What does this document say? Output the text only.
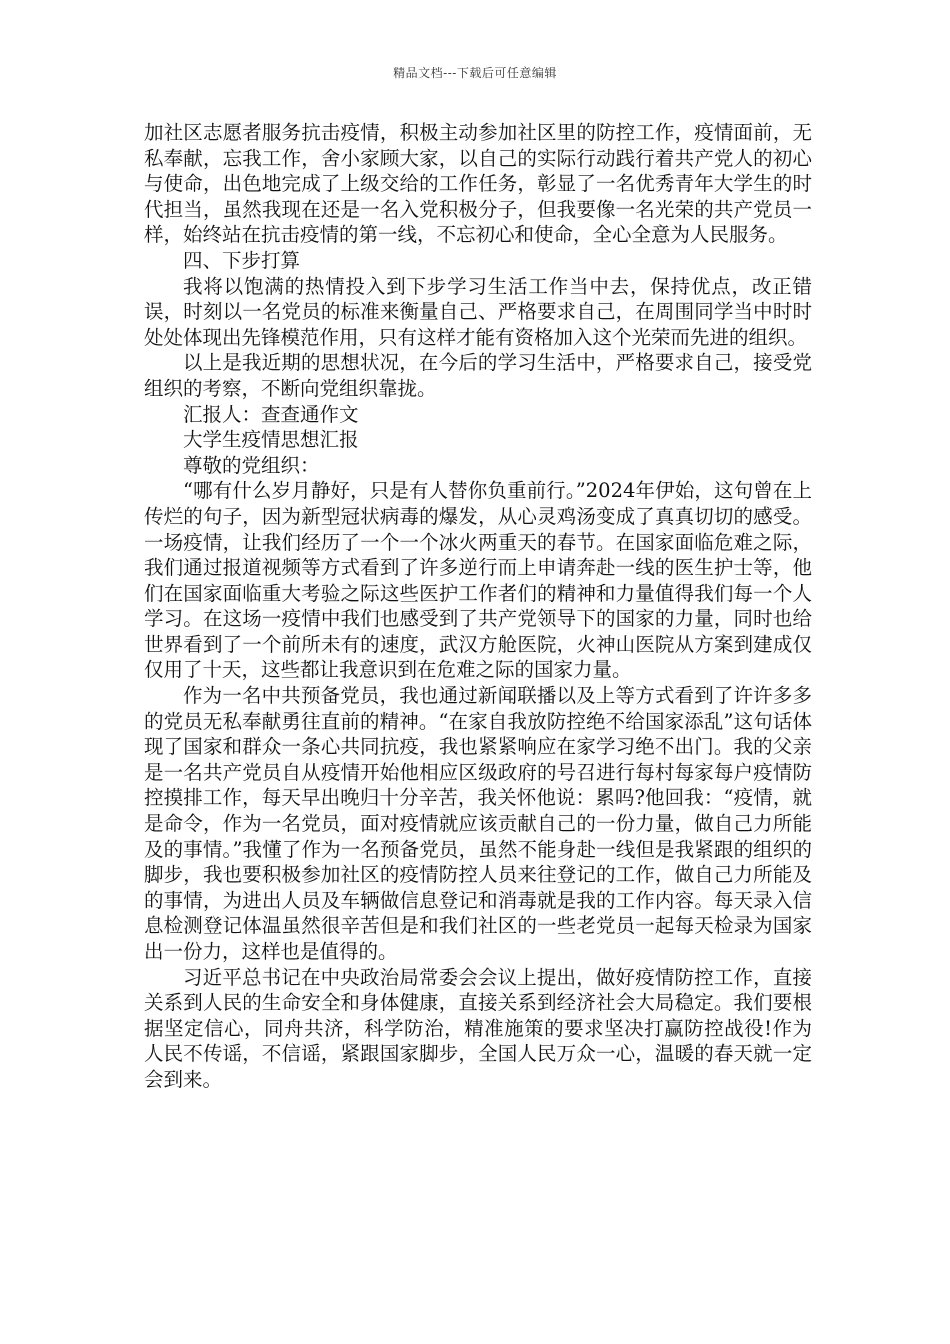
精品文档---下载后可任意编辑

加社区志愿者服务抗击疫情，积极主动参加社区里的防控工作，疫情面前，无私奉献，忘我工作，舍小家顾大家，以自己的实际行动践行着共产党人的初心与使命，出色地完成了上级交给的工作任务，彰显了一名优秀青年大学生的时代担当，虽然我现在还是一名入党积极分子，但我要像一名光荣的共产党员一样，始终站在抗击疫情的第一线，不忘初心和使命，全心全意为人民服务。

四、下步打算

我将以饱满的热情投入到下步学习生活工作当中去，保持优点，改正错误，时刻以一名党员的标准来衡量自己、严格要求自己，在周围同学当中时时处处体现出先锋模范作用，只有这样才能有资格加入这个光荣而先进的组织。

以上是我近期的思想状况，在今后的学习生活中，严格要求自己，接受党组织的考察，不断向党组织靠拢。

汇报人：查查通作文

大学生疫情思想汇报

尊敬的党组织：

“哪有什么岁月静好，只是有人替你负重前行。”2024年伊始，这句曾在上传烂的句子，因为新型冠状病毒的爆发，从心灵鸡汤变成了真真切切的感受。一场疫情，让我们经历了一个一个冰火两重天的春节。在国家面临危难之际，我们通过报道视频等方式看到了许多逆行而上申请奔赴一线的医生护士等，他们在国家面临重大考验之际这些医护工作者们的精神和力量值得我们每一个人学习。在这场一疫情中我们也感受到了共产党领导下的国家的力量，同时也给世界看到了一个前所未有的速度，武汉方舱医院，火神山医院从方案到建成仅仅用了十天，这些都让我意识到在危难之际的国家力量。

作为一名中共预备党员，我也通过新闻联播以及上等方式看到了许许多多的党员无私奉献勇往直前的精神。“在家自我放防控绝不给国家添乱”这句话体现了国家和群众一条心共同抗疫，我也紧紧响应在家学习绝不出门。我的父亲是一名共产党员自从疫情开始他相应区级政府的号召进行每村每家每户疫情防控摸排工作，每天早出晚归十分辛苦，我关怀他说：累吗?他回我：“疫情，就是命令，作为一名党员，面对疫情就应该贡献自己的一份力量，做自己力所能及的事情。”我懂了作为一名预备党员，虽然不能身赴一线但是我紧跟的组织的脚步，我也要积极参加社区的疫情防控人员来往登记的工作，做自己力所能及的事情，为进出人员及车辆做信息登记和消毒就是我的工作内容。每天录入信息检测登记体温虽然很辛苦但是和我们社区的一些老党员一起每天检录为国家出一份力，这样也是值得的。

习近平总书记在中央政治局常委会会议上提出，做好疫情防控工作，直接关系到人民的生命安全和身体健康，直接关系到经济社会大局稳定。我们要根据坚定信心，同舟共济，科学防治，精准施策的要求坚决打赢防控战役!作为人民不传谣，不信谣，紧跟国家脚步，全国人民万众一心，温暖的春天就一定会到来。
